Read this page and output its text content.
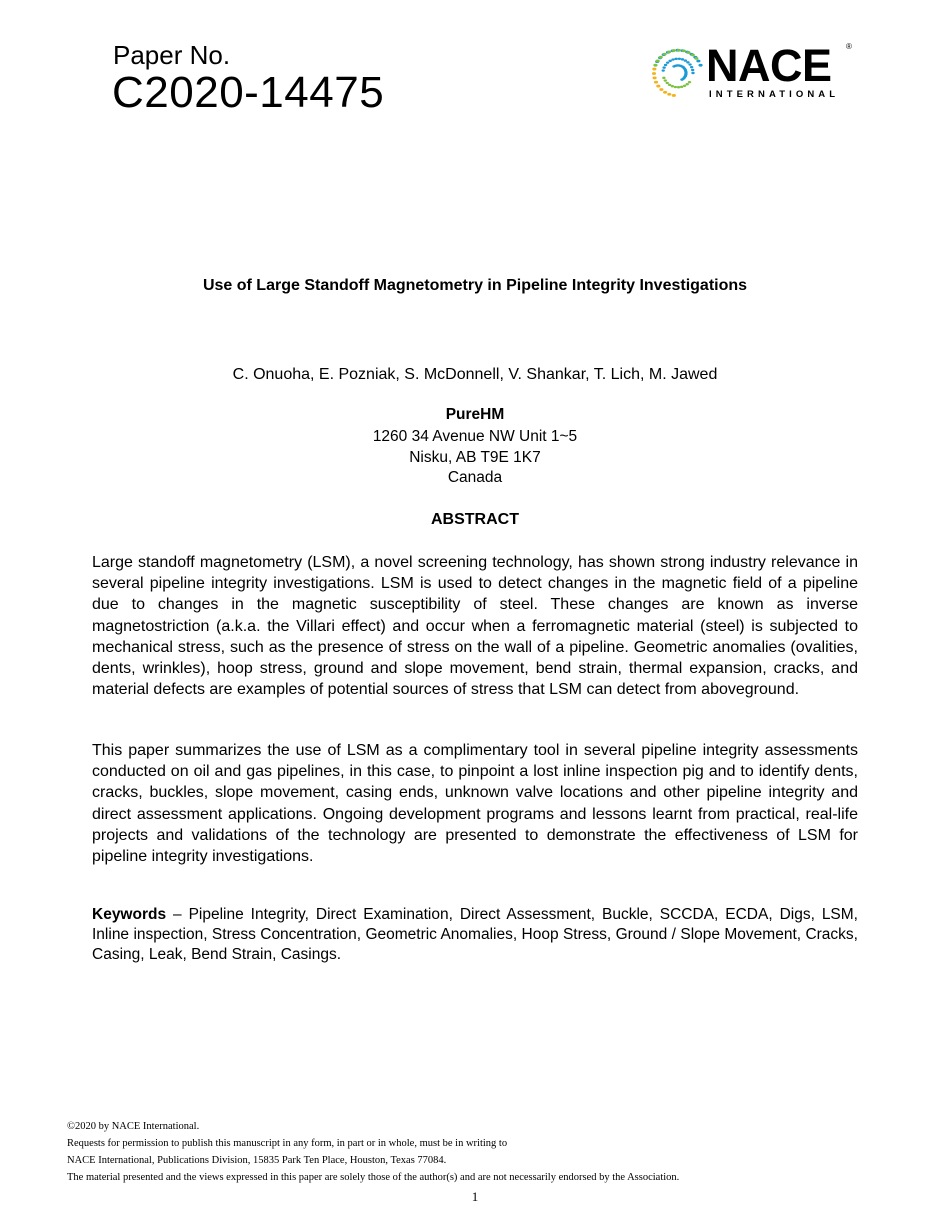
Paper No.
C2020-14475
NACE ®
INTERNATIONAL
Use of Large Standoff Magnetometry in Pipeline Integrity Investigations
C. Onuoha, E. Pozniak, S. McDonnell, V. Shankar, T. Lich, M. Jawed
PureHM
1260 34 Avenue NW Unit 1~5
Nisku, AB T9E 1K7
Canada
ABSTRACT
Large standoff magnetometry (LSM), a novel screening technology, has shown strong industry relevance in several pipeline integrity investigations. LSM is used to detect changes in the magnetic field of a pipeline due to changes in the magnetic susceptibility of steel. These changes are known as inverse magnetostriction (a.k.a. the Villari effect) and occur when a ferromagnetic material (steel) is subjected to mechanical stress, such as the presence of stress on the wall of a pipeline. Geometric anomalies (ovalities, dents, wrinkles), hoop stress, ground and slope movement, bend strain, thermal expansion, cracks, and material defects are examples of potential sources of stress that LSM can detect from aboveground.
This paper summarizes the use of LSM as a complimentary tool in several pipeline integrity assessments conducted on oil and gas pipelines, in this case, to pinpoint a lost inline inspection pig and to identify dents, cracks, buckles, slope movement, casing ends, unknown valve locations and other pipeline integrity and direct assessment applications. Ongoing development programs and lessons learnt from practical, real-life projects and validations of the technology are presented to demonstrate the effectiveness of LSM for pipeline integrity investigations.
Keywords – Pipeline Integrity, Direct Examination, Direct Assessment, Buckle, SCCDA, ECDA, Digs, LSM, Inline inspection, Stress Concentration, Geometric Anomalies, Hoop Stress, Ground / Slope Movement, Cracks, Casing, Leak, Bend Strain, Casings.
©2020 by NACE International.
Requests for permission to publish this manuscript in any form, in part or in whole, must be in writing to
NACE International, Publications Division, 15835 Park Ten Place, Houston, Texas 77084.
The material presented and the views expressed in this paper are solely those of the author(s) and are not necessarily endorsed by the Association.
1
